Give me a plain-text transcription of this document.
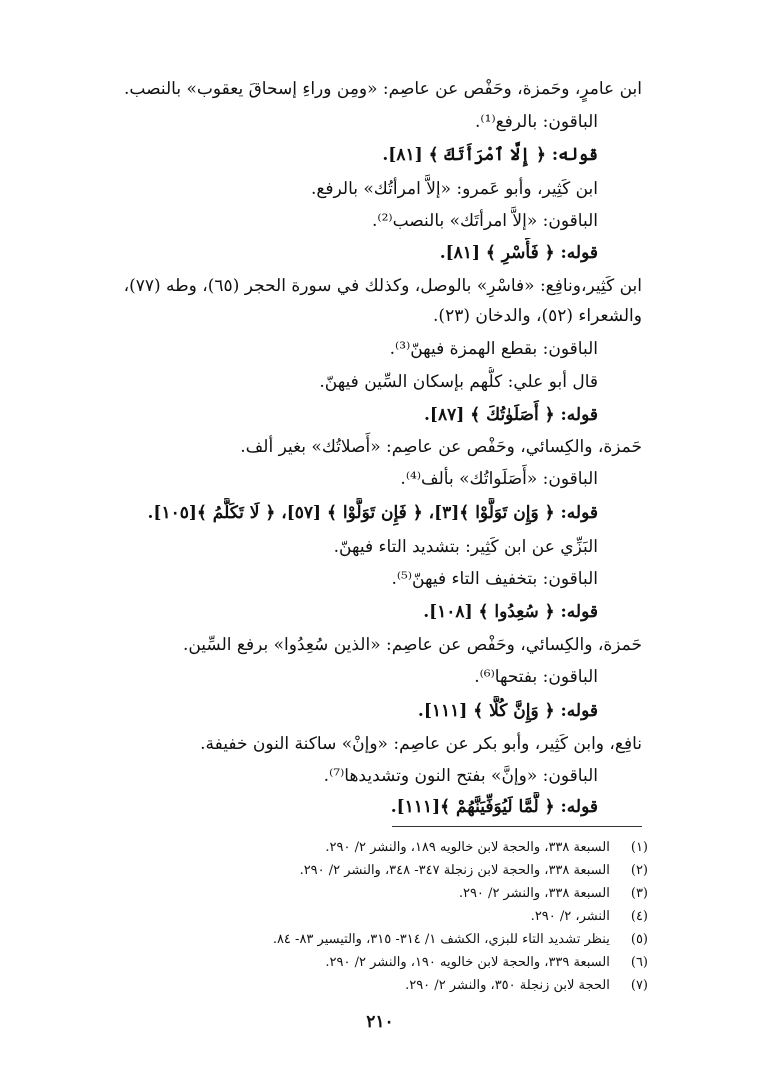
ابن عامرٍ، وحَمزة، وحَفْص عن عاصِم: «ومِن وراءِ إسحاقَ يعقوب» بالنصب.
الباقون: بالرفع⁽¹⁾.
قوله: ﴿ إِلَّا ٱمْرَأَتَكَ ﴾ [٨١].
ابن كَثِير، وأبو عَمرو: «إلاَّ امرأتُك» بالرفع.
الباقون: «إلاَّ امرأتَك» بالنصب⁽²⁾.
قوله: ﴿ فَأَسْرِ ﴾ [٨١].
ابن كَثِير،ونافِع: «فاسْرِ» بالوصل، وكذلك في سورة الحجر (٦٥)، وطه (٧٧)،
والشعراء (٥٢)، والدخان (٢٣).
الباقون: بقطع الهمزة فيهنّ⁽³⁾.
قال أبو علي: كلُّهم بإسكان السِّين فيهنّ.
قوله: ﴿ أَصَلَوٰتُكَ ﴾ [٨٧].
حَمزة، والكِسائي، وحَفْص عن عاصِم: «أَصلاتُك» بغير ألف.
الباقون: «أَصَلَواتُك» بألف⁽⁴⁾.
قوله: ﴿ وَإِن تَوَلَّوْا ﴾[٣]، ﴿ فَإِن تَوَلَّوْا ﴾ [٥٧]، ﴿ لَا تَكَلَّمُ ﴾[١٠٥].
البَزِّي عن ابن كَثِير: بتشديد التاء فيهنّ.
الباقون: بتخفيف التاء فيهنّ⁽⁵⁾.
قوله: ﴿ سُعِدُوا ﴾ [١٠٨].
حَمزة، والكِسائي، وحَفْص عن عاصِم: «الذين سُعِدُوا» برفع السِّين.
الباقون: بفتحها⁽⁶⁾.
قوله: ﴿ وَإِنَّ كُلًّا ﴾ [١١١].
نافِع، وابن كَثِير، وأبو بكر عن عاصِم: «وإنْ» ساكنة النون خفيفة.
الباقون: «وإنَّ» بفتح النون وتشديدها⁽⁷⁾.
قوله: ﴿ لَّمَّا لَيُوَفِّيَنَّهُمْ ﴾[١١١].
(١) السبعة ٣٣٨، والحجة لابن خالويه ١٨٩، والنشر ٢/ ٢٩٠.
(٢) السبعة ٣٣٨، والحجة لابن زنجلة ٣٤٧- ٣٤٨، والنشر ٢/ ٢٩٠.
(٣) السبعة ٣٣٨، والنشر ٢/ ٢٩٠.
(٤) النشر، ٢/ ٢٩٠.
(٥) ينظر تشديد التاء للبزي، الكشف ١/ ٣١٤- ٣١٥، والتيسير ٨٣- ٨٤.
(٦) السبعة ٣٣٩، والحجة لابن خالويه ١٩٠، والنشر ٢/ ٢٩٠.
(٧) الحجة لابن زنجلة ٣٥٠، والنشر ٢/ ٢٩٠.
٢١٠
